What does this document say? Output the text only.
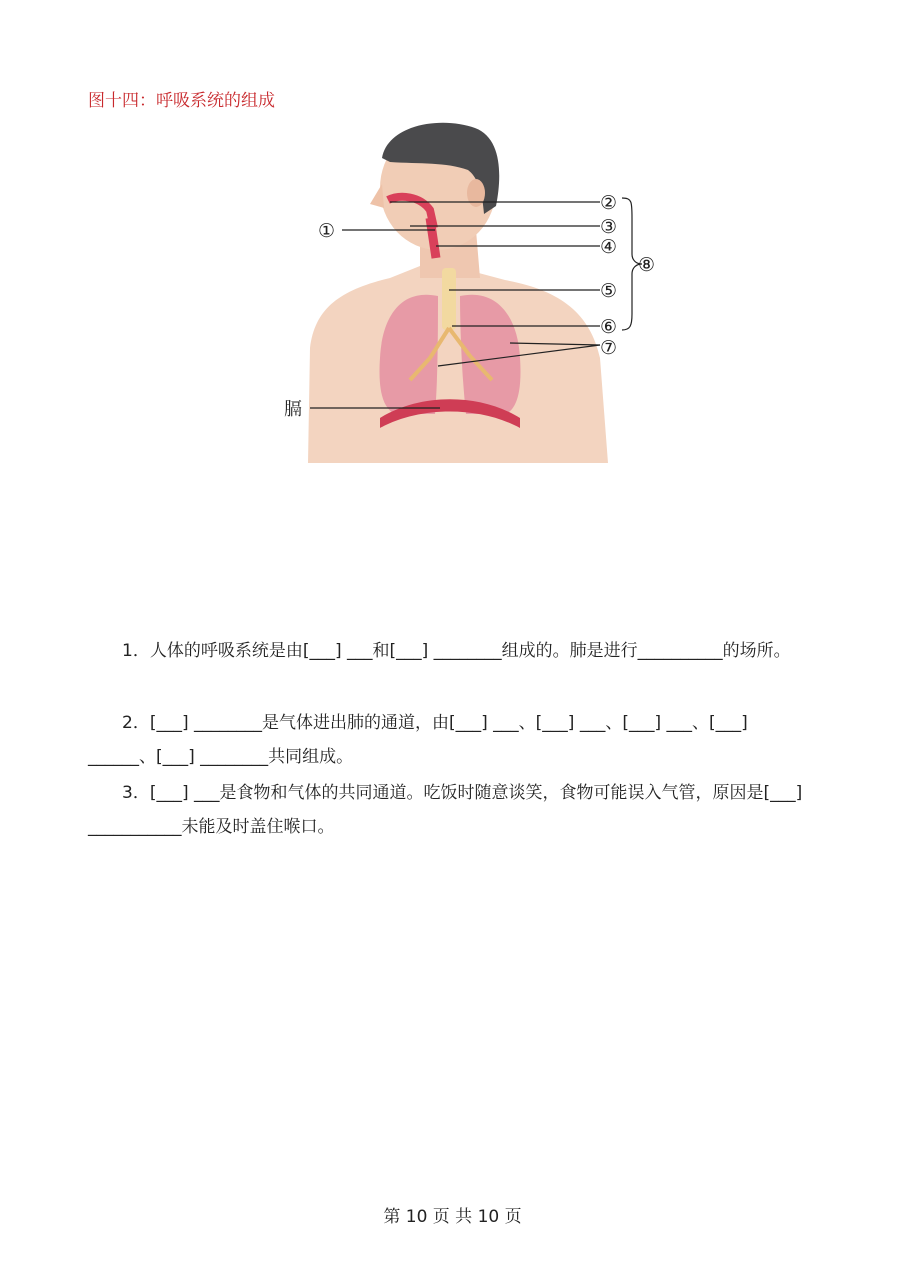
图十四：呼吸系统的组成
①
②
③
④
⑤
⑥
⑦
⑧
膈

1．人体的呼吸系统是由[___] ___和[___] ________组成的。肺是进行__________的场所。

2．[___] ________是气体进出肺的通道，由[___] ___、[___] ___、[___] ___、[___] ______、[___] ________共同组成。

3．[___] ___是食物和气体的共同通道。吃饭时随意谈笑，食物可能误入气管，原因是[___] ___________未能及时盖住喉口。

第 10 页 共 10 页
